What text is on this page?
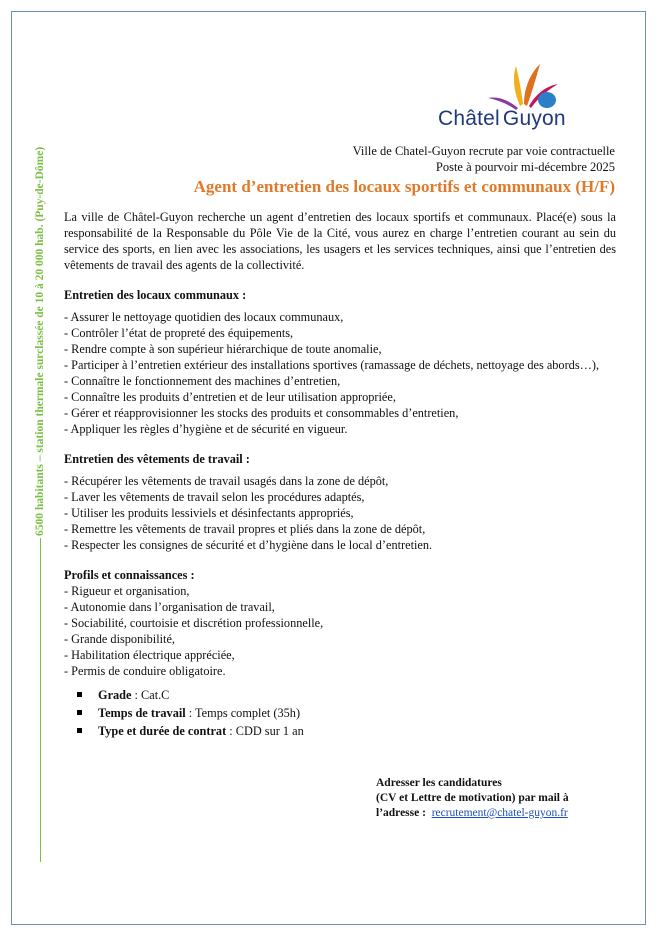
6500 habitants – station thermale surclassée de 10 à 20 000 hab. (Puy-de-Dôme)
Châtel Guyon
Ville de Chatel-Guyon recrute par voie contractuelle
Poste à pourvoir mi-décembre 2025
Agent d’entretien des locaux sportifs et communaux (H/F)

La ville de Châtel-Guyon recherche un agent d’entretien des locaux sportifs et communaux. Placé(e) sous la responsabilité de la Responsable du Pôle Vie de la Cité, vous aurez en charge l’entretien courant au sein du service des sports, en lien avec les associations, les usagers et les services techniques, ainsi que l’entretien des vêtements de travail des agents de la collectivité.

Entretien des locaux communaux :

- Assurer le nettoyage quotidien des locaux communaux,
- Contrôler l’état de propreté des équipements,
- Rendre compte à son supérieur hiérarchique de toute anomalie,
- Participer à l’entretien extérieur des installations sportives (ramassage de déchets, nettoyage des abords…),
- Connaître le fonctionnement des machines d’entretien,
- Connaître les produits d’entretien et de leur utilisation appropriée,
- Gérer et réapprovisionner les stocks des produits et consommables d’entretien,
- Appliquer les règles d’hygiène et de sécurité en vigueur.

Entretien des vêtements de travail :

- Récupérer les vêtements de travail usagés dans la zone de dépôt,
- Laver les vêtements de travail selon les procédures adaptés,
- Utiliser les produits lessiviels et désinfectants appropriés,
- Remettre les vêtements de travail propres et pliés dans la zone de dépôt,
- Respecter les consignes de sécurité et d’hygiène dans le local d’entretien.

Profils et connaissances :

- Rigueur et organisation,
- Autonomie dans l’organisation de travail,
- Sociabilité, courtoisie et discrétion professionnelle,
- Grande disponibilité,
- Habilitation électrique appréciée,
- Permis de conduire obligatoire.
Grade : Cat.C
Temps de travail : Temps complet (35h)
Type et durée de contrat : CDD sur 1 an
Adresser les candidatures
(CV et Lettre de motivation) par mail à
l’adresse : recrutement@chatel-guyon.fr
